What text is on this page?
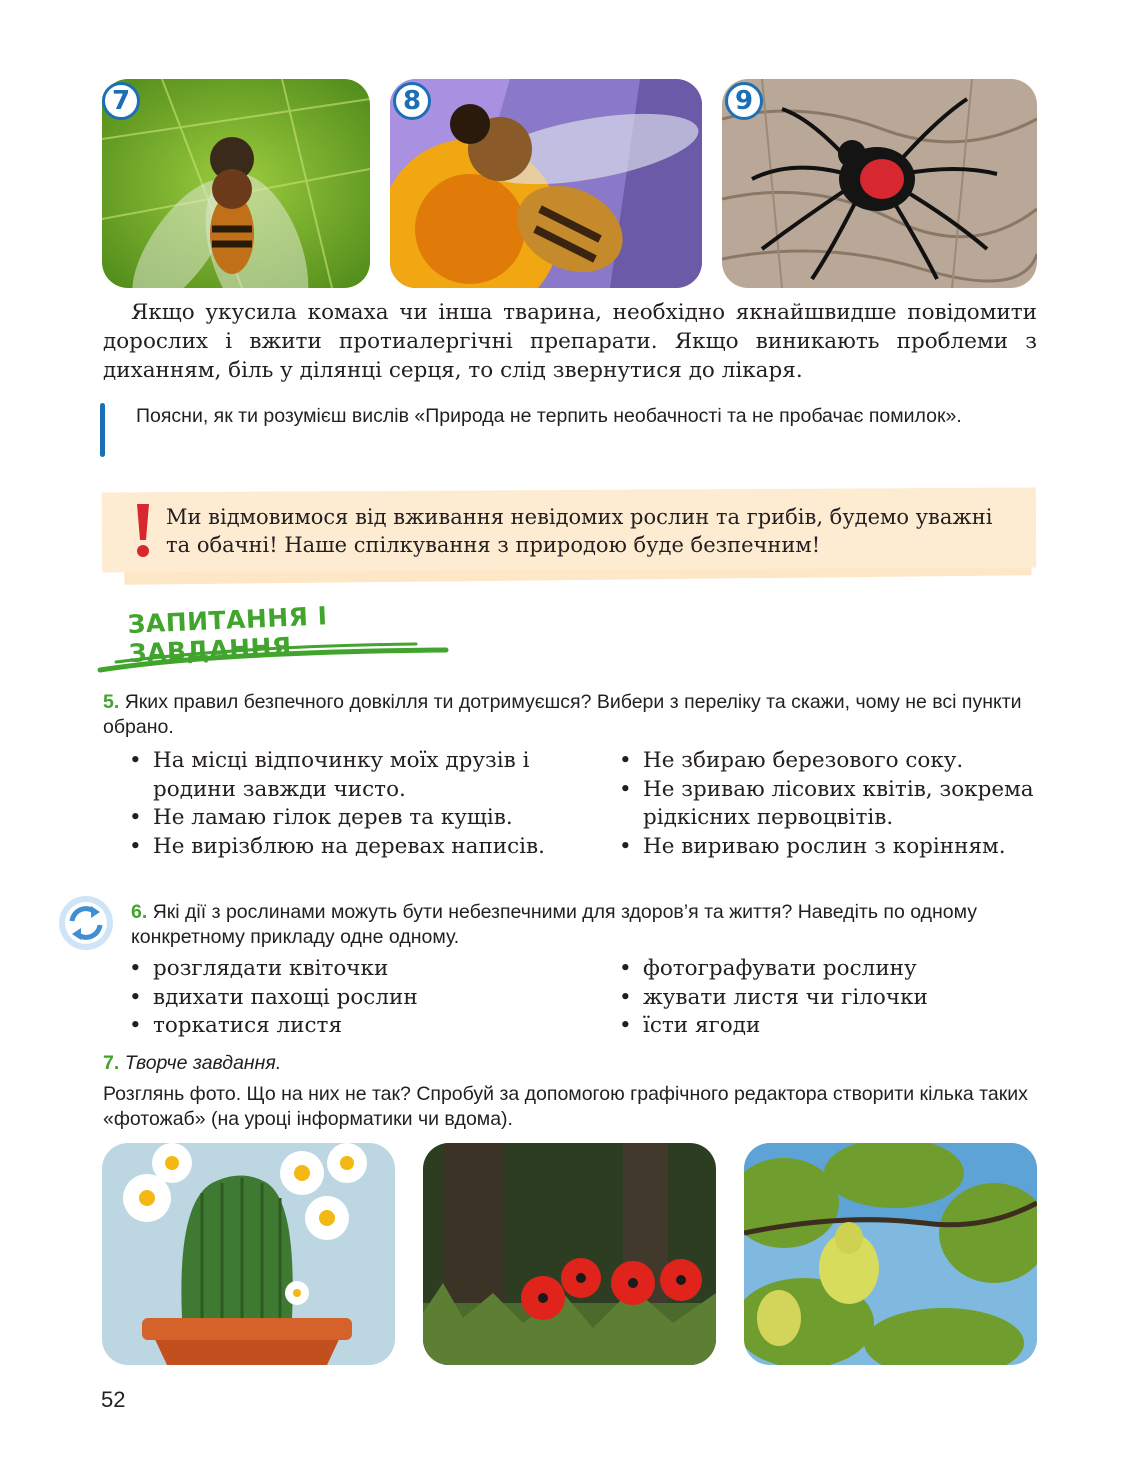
7	8	9
Якщо укусила комаха чи інша тварина, необхідно якнайшвидше повідомити дорослих і вжити протиалергічні препарати. Якщо виникають проблеми з диханням, біль у ділянці серця, то слід звернутися до лікаря.
Поясни, як ти розумієш вислів «Природа не терпить необачності та не пробачає помилок».
Ми відмовимося від вживання невідомих рослин та грибів, будемо уважні та обачні! Наше спілкування з природою буде безпечним!
ЗАПИТАННЯ І ЗАВДАННЯ
5. Яких правил безпечного довкілля ти дотримуєшся? Вибери з переліку та скажи, чому не всі пункти обрано.
• На місці відпочинку моїх друзів і родини завжди чисто.
• Не ламаю гілок дерев та кущів.
• Не вирізблюю на деревах написів.
• Не збираю березового соку.
• Не зриваю лісових квітів, зокрема рідкісних первоцвітів.
• Не вириваю рослин з корінням.
6. Які дії з рослинами можуть бути небезпечними для здоров’я та життя? Наведіть по одному конкретному прикладу одне одному.
• розглядати квіточки
• вдихати пахощі рослин
• торкатися листя
• фотографувати рослину
• жувати листя чи гілочки
• їсти ягоди
7. Творче завдання.
Розглянь фото. Що на них не так? Спробуй за допомогою графічного редактора створити кілька таких «фотожаб» (на уроці інформатики чи вдома).
52
